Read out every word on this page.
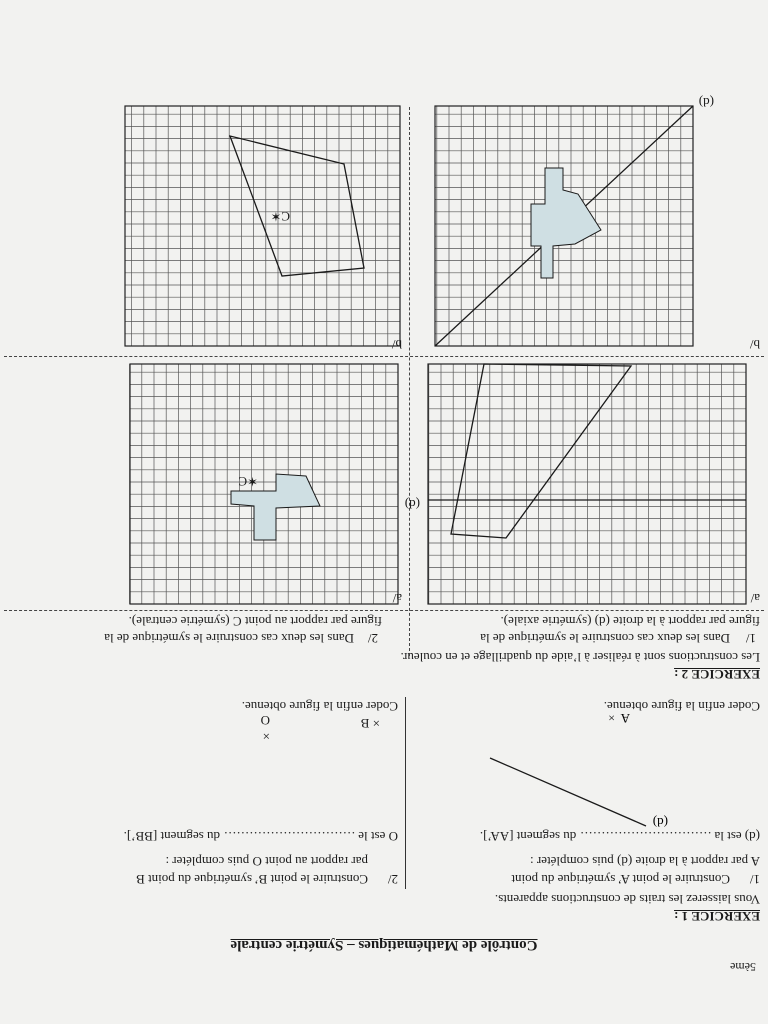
5ème
Contrôle de Mathématiques – Symétrie centrale
EXERCICE 1 :
Vous laisserez les traits de constructions apparents.
1/
Construire le point A’ symétrique du point
A par rapport à la droite (d) puis compléter :
(d) est la ............................... du segment [AA’].
(d)
A
×
Coder enfin la figure obtenue.
2/
Construire le point B’ symétrique du point B
par rapport au point O puis compléter :
O est le ............................... du segment [BB’].
×
O	× B
Coder enfin la figure obtenue.
EXERCICE 2 :
Les constructions sont à réaliser à l’aide du quadrillage et en couleur.
1/
Dans les deux cas construire le symétrique de la
figure par rapport à la droite (d) (symétrie axiale).
2/
Dans les deux cas construire le symétrique de la
figure par rapport au point C (symétrie centrale).
a/
a/
b/
b/
(d)
✶C
(d)
C✶
